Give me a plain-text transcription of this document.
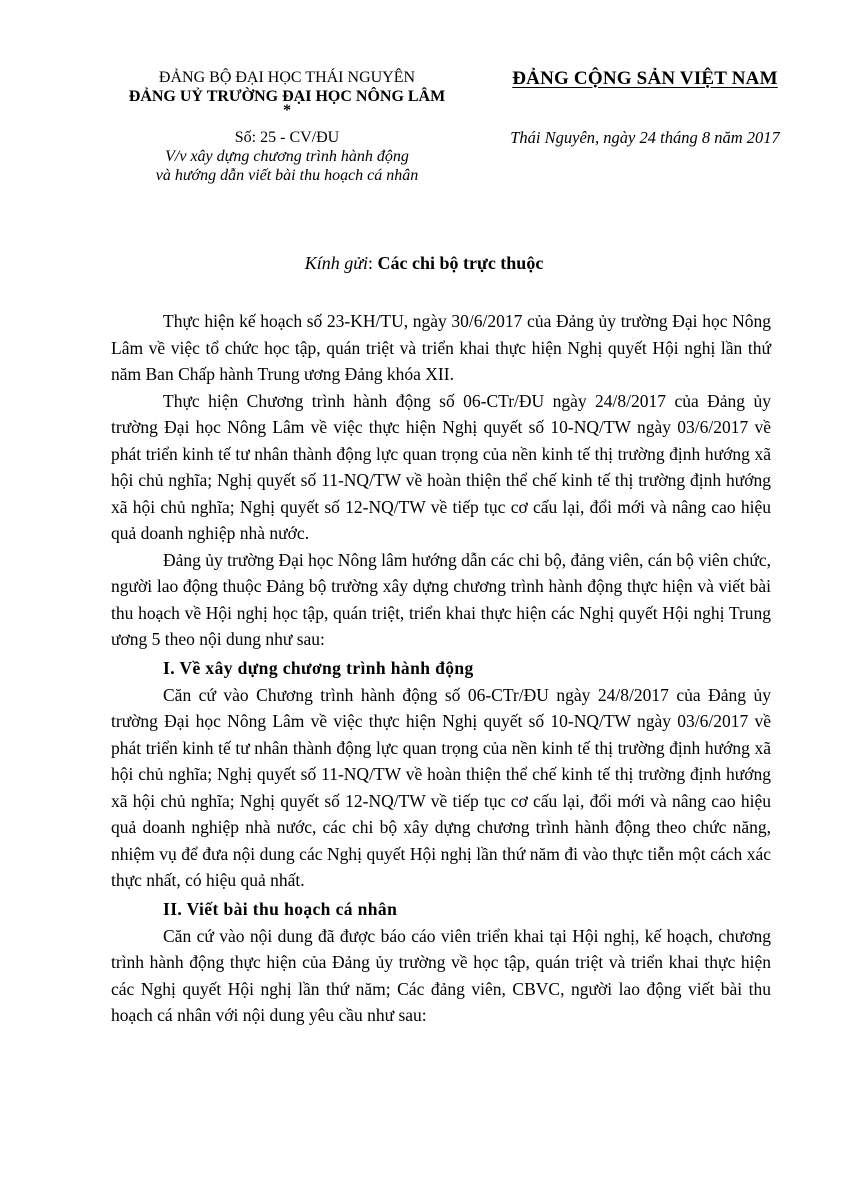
ĐẢNG BỘ ĐẠI HỌC THÁI NGUYÊN
ĐẢNG UỶ TRƯỜNG ĐẠI HỌC NÔNG LÂM
*
Số: 25 - CV/ĐU
V/v xây dựng chương trình hành động
và hướng dẫn viết bài thu hoạch cá nhân
ĐẢNG CỘNG SẢN VIỆT NAM
Thái Nguyên, ngày 24 tháng 8 năm 2017
Kính gửi: Các chi bộ trực thuộc

Thực hiện kế hoạch số 23-KH/TU, ngày 30/6/2017 của Đảng ủy trường Đại học Nông Lâm về việc tổ chức học tập, quán triệt và triển khai thực hiện Nghị quyết Hội nghị lần thứ năm Ban Chấp hành Trung ương Đảng khóa XII.

Thực hiện Chương trình hành động số 06-CTr/ĐU ngày 24/8/2017 của Đảng ủy trường Đại học Nông Lâm về việc thực hiện Nghị quyết số 10-NQ/TW ngày 03/6/2017 về phát triển kinh tế tư nhân thành động lực quan trọng của nền kinh tế thị trường định hướng xã hội chủ nghĩa; Nghị quyết số 11-NQ/TW về hoàn thiện thể chế kinh tế thị trường định hướng xã hội chủ nghĩa; Nghị quyết số 12-NQ/TW về tiếp tục cơ cấu lại, đổi mới và nâng cao hiệu quả doanh nghiệp nhà nước.

Đảng ủy trường Đại học Nông lâm hướng dẫn các chi bộ, đảng viên, cán bộ viên chức, người lao động thuộc Đảng bộ trường xây dựng chương trình hành động thực hiện và viết bài thu hoạch về Hội nghị học tập, quán triệt, triển khai thực hiện các Nghị quyết Hội nghị Trung ương 5 theo nội dung như sau:

I. Về xây dựng chương trình hành động

Căn cứ vào Chương trình hành động số 06-CTr/ĐU ngày 24/8/2017 của Đảng ủy trường Đại học Nông Lâm về việc thực hiện Nghị quyết số 10-NQ/TW ngày 03/6/2017 về phát triển kinh tế tư nhân thành động lực quan trọng của nền kinh tế thị trường định hướng xã hội chủ nghĩa; Nghị quyết số 11-NQ/TW về hoàn thiện thể chế kinh tế thị trường định hướng xã hội chủ nghĩa; Nghị quyết số 12-NQ/TW về tiếp tục cơ cấu lại, đổi mới và nâng cao hiệu quả doanh nghiệp nhà nước, các chi bộ xây dựng chương trình hành động theo chức năng, nhiệm vụ để đưa nội dung các Nghị quyết Hội nghị lần thứ năm đi vào thực tiễn một cách xác thực nhất, có hiệu quả nhất.

II. Viết bài thu hoạch cá nhân

Căn cứ vào nội dung đã được báo cáo viên triển khai tại Hội nghị, kế hoạch, chương trình hành động thực hiện của Đảng ủy trường về học tập, quán triệt và triển khai thực hiện các Nghị quyết Hội nghị lần thứ năm; Các đảng viên, CBVC, người lao động viết bài thu hoạch cá nhân với nội dung yêu cầu như sau:
